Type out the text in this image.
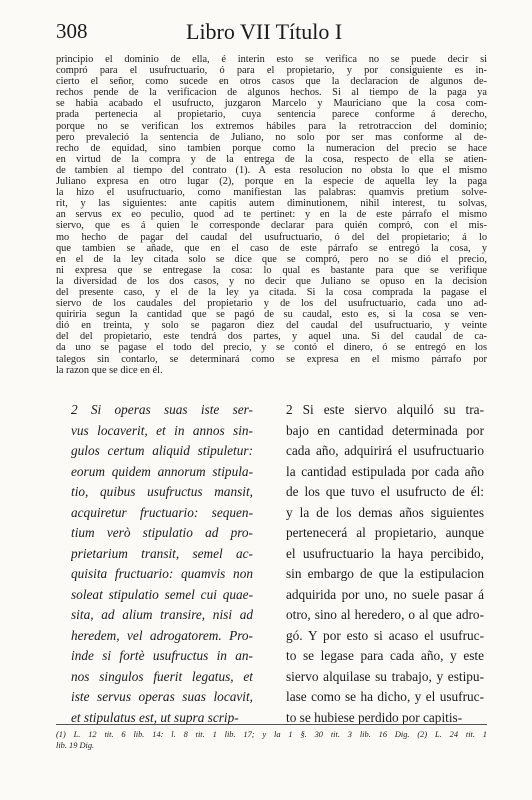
308	Libro VII Título I
principio el dominio de ella, é interin esto se verifica no se puede decir si
compró para el usufructuario, ó para el propietario, y por consiguiente es in-
cierto el señor, como sucede en otros casos que la declaracion de algunos de-
rechos pende de la verificacion de algunos hechos. Si al tiempo de la paga ya
se habia acabado el usufructo, juzgaron Marcelo y Mauriciano que la cosa com-
prada pertenecia al propietario, cuya sentencia parece conforme á derecho,
porque no se verifican los extremos hábiles para la retrotraccion del dominio;
pero prevaleció la sentencia de Juliano, no solo por ser mas conforme al de-
recho de equidad, sino tambien porque como la numeracion del precio se hace
en virtud de la compra y de la entrega de la cosa, respecto de ella se atien-
de tambien al tiempo del contrato (1). A esta resolucion no obsta lo que el mismo
Juliano expresa en otro lugar (2), porque en la especie de aquella ley la paga
la hizo el usufructuario, como manifiestan las palabras: quamvis pretium solve-
rit, y las siguientes: ante capitis autem diminutionem, nihil interest, tu solvas,
an servus ex eo peculio, quod ad te pertinet: y en la de este párrafo el mismo
siervo, que es á quien le corresponde declarar para quién compró, con el mis-
mo hecho de pagar del caudal del usufructuario, ó del del propietario; á lo
que tambien se añade, que en el caso de este párrafo se entregó la cosa, y
en el de la ley citada solo se dice que se compró, pero no se dió el precio,
ni expresa que se entregase la cosa: lo qual es bastante para que se verifique
la diversidad de los dos casos, y no decir que Juliano se opuso en la decision
del presente caso, y el de la ley ya citada. Si la cosa comprada la pagase el
siervo de los caudales del propietario y de los del usufructuario, cada uno ad-
quiriria segun la cantidad que se pagó de su caudal, esto es, si la cosa se ven-
dió en treinta, y solo se pagaron diez del caudal del usufructuario, y veinte
del del propietario, este tendrá dos partes, y aquel una. Si del caudal de ca-
da uno se pagase el todo del precio, y se contó el dinero, ó se entregó en los
talegos sin contarlo, se determinará como se expresa en el mismo párrafo por
la razon que se dice en él.
2 Si operas suas iste ser-
vus locaverit, et in annos sin-
gulos certum aliquid stipuletur:
eorum quidem annorum stipula-
tio, quibus usufructus mansit,
acquiretur fructuario: sequen-
tium verò stipulatio ad pro-
prietarium transit, semel ac-
quisita fructuario: quamvis non
soleat stipulatio semel cui quae-
sita, ad alium transire, nisi ad
heredem, vel adrogatorem. Pro-
inde si fortè usufructus in an-
nos singulos fuerit legatus, et
iste servus operas suas locavit,
et stipulatus est, ut supra scrip-
2 Si este siervo alquiló su tra-
bajo en cantidad determinada por
cada año, adquirirá el usufructuario
la cantidad estipulada por cada año
de los que tuvo el usufructo de él:
y la de los demas años siguientes
pertenecerá al propietario, aunque
el usufructuario la haya percibido,
sin embargo de que la estipulacion
adquirida por uno, no suele pasar á
otro, sino al heredero, o al que adro-
gó. Y por esto si acaso el usufruc-
to se legase para cada año, y este
siervo alquilase su trabajo, y estipu-
lase como se ha dicho, y el usufruc-
to se hubiese perdido por capitis-
(1) L. 12 tit. 6 lib. 14: l. 8 tit. 1 lib. 17; y la 1 §. 30 tit. 3 lib. 16 Dig. (2) L. 24 tit. 1
lib. 19 Dig.
